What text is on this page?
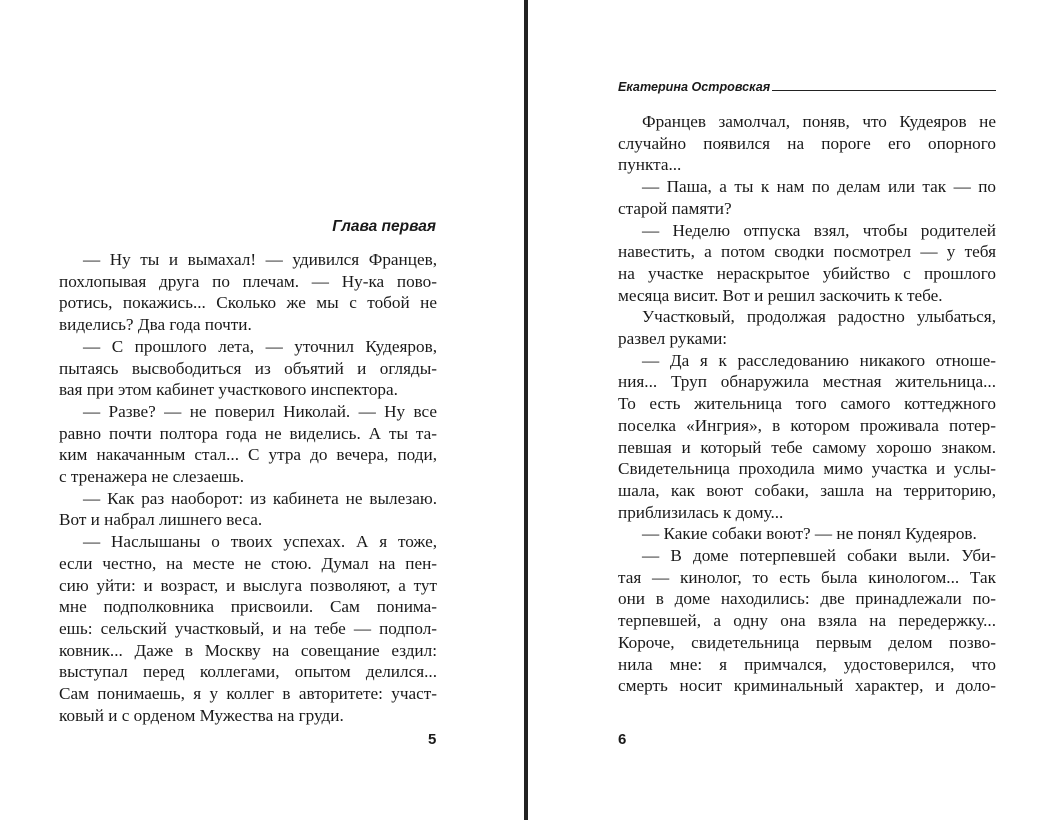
Глава первая
— Ну ты и вымахал! — удивился Францев,
похлопывая друга по плечам. — Ну-ка пово-
ротись, покажись... Сколько же мы с тобой не
виделись? Два года почти.
— С прошлого лета, — уточнил Кудеяров,
пытаясь высвободиться из объятий и огляды-
вая при этом кабинет участкового инспектора.
— Разве? — не поверил Николай. — Ну все
равно почти полтора года не виделись. А ты та-
ким накачанным стал... С утра до вечера, поди,
с тренажера не слезаешь.
— Как раз наоборот: из кабинета не вылезаю.
Вот и набрал лишнего веса.
— Наслышаны о твоих успехах. А я тоже,
если честно, на месте не стою. Думал на пен-
сию уйти: и возраст, и выслуга позволяют, а тут
мне подполковника присвоили. Сам понима-
ешь: сельский участковый, и на тебе — подпол-
ковник... Даже в Москву на совещание ездил:
выступал перед коллегами, опытом делился...
Сам понимаешь, я у коллег в авторитете: участ-
ковый и с орденом Мужества на груди.
5
Екатерина Островская
Францев замолчал, поняв, что Кудеяров не
случайно появился на пороге его опорного
пункта...
— Паша, а ты к нам по делам или так — по
старой памяти?
— Неделю отпуска взял, чтобы родителей
навестить, а потом сводки посмотрел — у тебя
на участке нераскрытое убийство с прошлого
месяца висит. Вот и решил заскочить к тебе.
Участковый, продолжая радостно улыбаться,
развел руками:
— Да я к расследованию никакого отноше-
ния... Труп обнаружила местная жительница...
То есть жительница того самого коттеджного
поселка «Ингрия», в котором проживала потер-
певшая и который тебе самому хорошо знаком.
Свидетельница проходила мимо участка и услы-
шала, как воют собаки, зашла на территорию,
приблизилась к дому...
— Какие собаки воют? — не понял Кудеяров.
— В доме потерпевшей собаки выли. Уби-
тая — кинолог, то есть была кинологом... Так
они в доме находились: две принадлежали по-
терпевшей, а одну она взяла на передержку...
Короче, свидетельница первым делом позво-
нила мне: я примчался, удостоверился, что
смерть носит криминальный характер, и доло-
6
